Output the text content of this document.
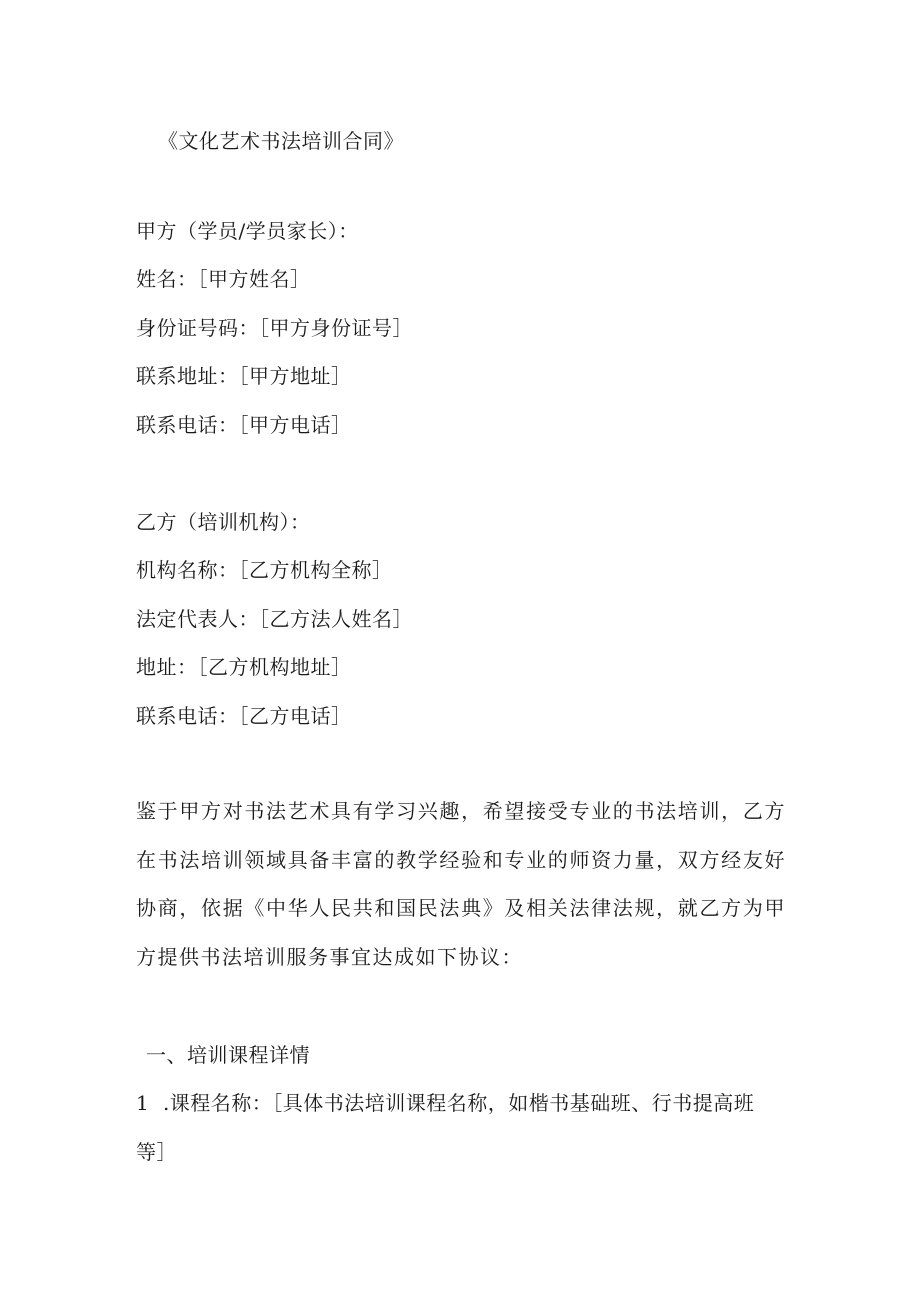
《文化艺术书法培训合同》
甲方（学员/学员家长）：
姓名：［甲方姓名］
身份证号码：［甲方身份证号］
联系地址：［甲方地址］
联系电话：［甲方电话］
乙方（培训机构）：
机构名称：［乙方机构全称］
法定代表人：［乙方法人姓名］
地址：［乙方机构地址］
联系电话：［乙方电话］
鉴于甲方对书法艺术具有学习兴趣，希望接受专业的书法培训，乙方在书法培训领域具备丰富的教学经验和专业的师资力量，双方经友好协商，依据《中华人民共和国民法典》及相关法律法规，就乙方为甲方提供书法培训服务事宜达成如下协议：
一、培训课程详情
1  .课程名称：［具体书法培训课程名称，如楷书基础班、行书提高班
等］
